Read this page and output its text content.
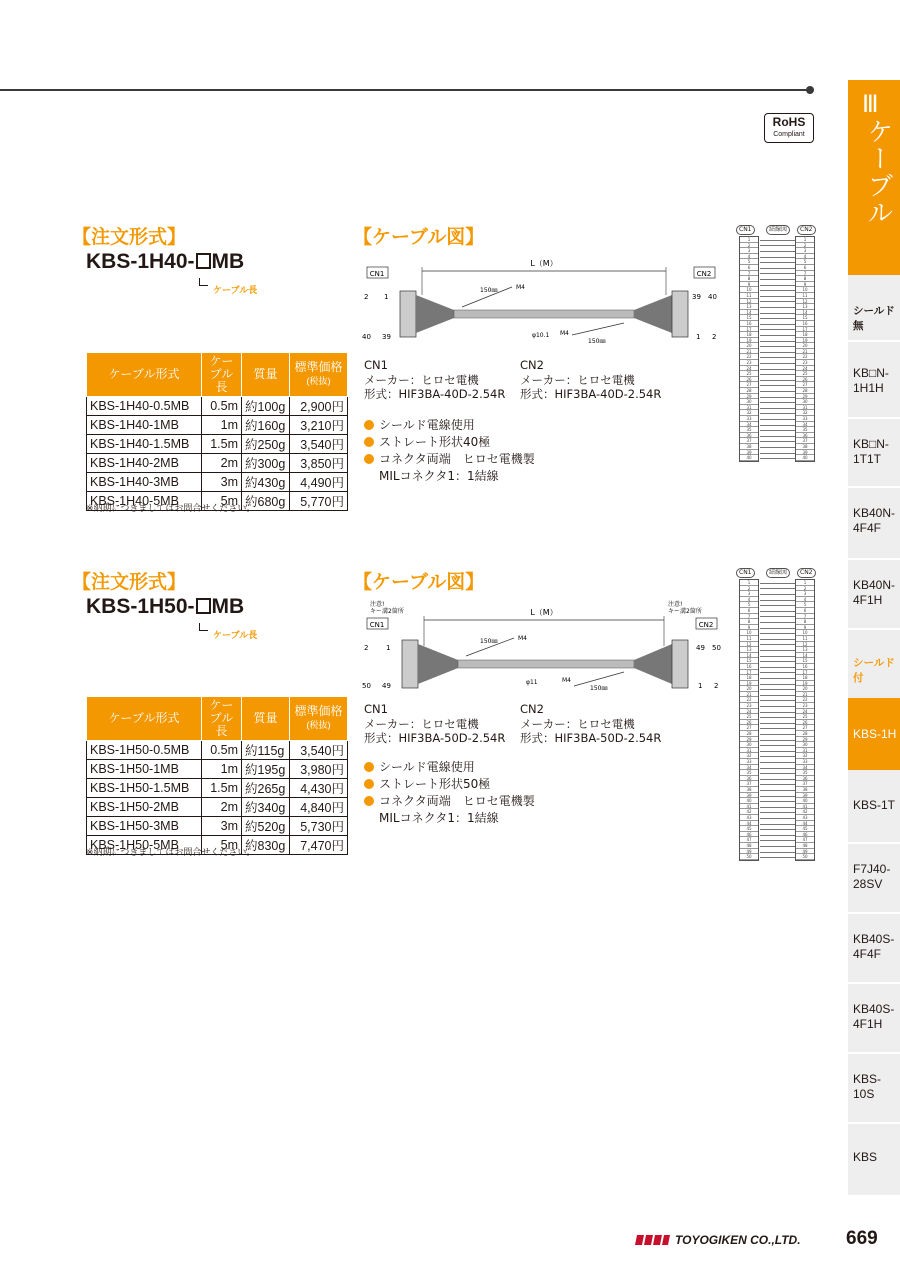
RoHS
Compliant
Ⅲ
ケーブル
シールド無
KB□N-1H1H
KB□N-1T1T
KB40N-4F4F
KB40N-4F1H
シールド付
KBS-1H
KBS-1T
F7J40-28SV
KB40S-4F4F
KB40S-4F1H
KBS-10S
KBS
【注文形式】
KBS-1H40- MB
ケーブル長
【ケーブル図】
ケーブル形式	ケーブル長	質量	標準価格
(税抜)
KBS-1H40-0.5MB	0.5m	約100g	2,900円
KBS-1H40-1MB	1m	約160g	3,210円
KBS-1H40-1.5MB	1.5m	約250g	3,540円
KBS-1H40-2MB	2m	約300g	3,850円
KBS-1H40-3MB	3m	約430g	4,490円
KBS-1H40-5MB	5m	約680g	5,770円
※納期につきましてはお問合せください。
L（M）
CN1	CN2
2 1
40 39
39 40
1 2
150㎜	M4
150㎜
M4
φ10.1
CN1
メーカー：ヒロセ電機
形式：HIF3BA-40D-2.54R
CN2
メーカー：ヒロセ電機
形式：HIF3BA-40D-2.54R
シールド電線使用
ストレート形状40極
コネクタ両端　ヒロセ電機製
MILコネクタ1：1結線
CN1	結線図	CN2
1
2
3
4
5
6
7
8
9
10
11
12
13
14
15
16
17
18
19
20
21
22
23
24
25
26
27
28
29
30
31
32
33
34
35
36
37
38
39
40
1
2
3
4
5
6
7
8
9
10
11
12
13
14
15
16
17
18
19
20
21
22
23
24
25
26
27
28
29
30
31
32
33
34
35
36
37
38
39
40
【注文形式】
KBS-1H50- MB
ケーブル長
【ケーブル図】
ケーブル形式	ケーブル長	質量	標準価格
(税抜)
KBS-1H50-0.5MB	0.5m	約115g	3,540円
KBS-1H50-1MB	1m	約195g	3,980円
KBS-1H50-1.5MB	1.5m	約265g	4,430円
KBS-1H50-2MB	2m	約340g	4,840円
KBS-1H50-3MB	3m	約520g	5,730円
KBS-1H50-5MB	5m	約830g	7,470円
※納期につきましてはお問合せください。
注意!
キー溝2箇所
注意!
キー溝2箇所
L（M）
CN1	CN2
2	1
50 49
49 50
1 2
150㎜	M4
150㎜
M4
φ11
CN1
メーカー：ヒロセ電機
形式：HIF3BA-50D-2.54R
CN2
メーカー：ヒロセ電機
形式：HIF3BA-50D-2.54R
シールド電線使用
ストレート形状50極
コネクタ両端　ヒロセ電機製
MILコネクタ1：1結線
CN1	結線図	CN2
1
2
3
4
5
6
7
8
9
10
11
12
13
14
15
16
17
18
19
20
21
22
23
24
25
26
27
28
29
30
31
32
33
34
35
36
37
38
39
40
41
42
43
44
45
46
47
48
49
50
1
2
3
4
5
6
7
8
9
10
11
12
13
14
15
16
17
18
19
20
21
22
23
24
25
26
27
28
29
30
31
32
33
34
35
36
37
38
39
40
41
42
43
44
45
46
47
48
49
50
TOYOGIKEN CO.,LTD. 669
